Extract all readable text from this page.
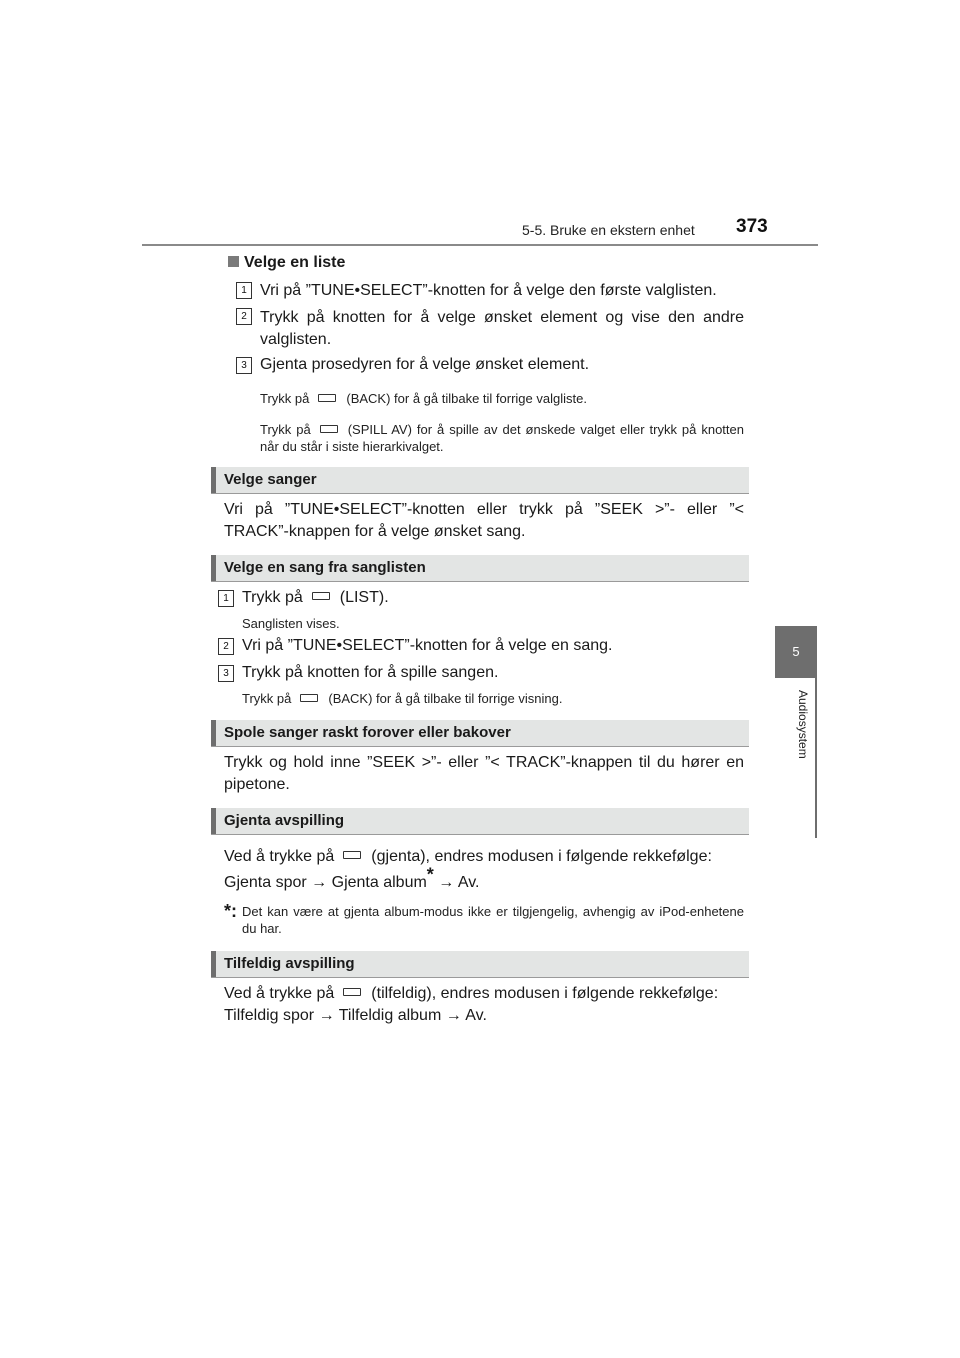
5-5. Bruke en ekstern enhet 373
5
Audiosystem
Velge en liste
1 Vri på ”TUNE•SELECT”-knotten for å velge den første valglisten.
2 Trykk på knotten for å velge ønsket element og vise den andre valglisten.
3 Gjenta prosedyren for å velge ønsket element.
Trykk på	(BACK) for å gå tilbake til forrige valgliste.
Trykk på	(SPILL AV) for å spille av det ønskede valget eller trykk på knotten når du står i siste hierarkivalget.
Velge sanger
Vri på ”TUNE•SELECT”-knotten eller trykk på ”SEEK >”- eller ”< TRACK”-knappen for å velge ønsket sang.
Velge en sang fra sanglisten
1 Trykk på (LIST).
Sanglisten vises.
2 Vri på ”TUNE•SELECT”-knotten for å velge en sang.
3 Trykk på knotten for å spille sangen.
Trykk på	(BACK) for å gå tilbake til forrige visning.
Spole sanger raskt forover eller bakover
Trykk og hold inne ”SEEK >”- eller ”< TRACK”-knappen til du hører en pipetone.
Gjenta avspilling
Ved å trykke på (gjenta), endres modusen i følgende rekkefølge:
Gjenta spor → Gjenta album* → Av.
*: Det kan være at gjenta album-modus ikke er tilgjengelig, avhengig av iPod-enhetene du har.
Tilfeldig avspilling
Ved å trykke på (tilfeldig), endres modusen i følgende rekkefølge:
Tilfeldig spor → Tilfeldig album → Av.
